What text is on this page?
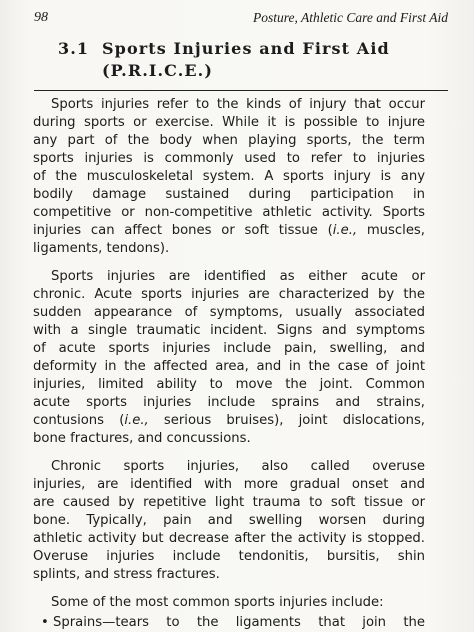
98	Posture, Athletic Care and First Aid
3.1 Sports Injuries and First Aid
(P.R.I.C.E.)
Sports injuries refer to the kinds of injury that occur
during sports or exercise. While it is possible to injure
any part of the body when playing sports, the term
sports injuries is commonly used to refer to injuries
of the musculoskeletal system. A sports injury is any
bodily damage sustained during participation in
competitive or non-competitive athletic activity. Sports
injuries can affect bones or soft tissue (i.e., muscles,
ligaments, tendons).
Sports injuries are identified as either acute or
chronic. Acute sports injuries are characterized by the
sudden appearance of symptoms, usually associated
with a single traumatic incident. Signs and symptoms
of acute sports injuries include pain, swelling, and
deformity in the affected area, and in the case of joint
injuries, limited ability to move the joint. Common
acute sports injuries include sprains and strains,
contusions (i.e., serious bruises), joint dislocations,
bone fractures, and concussions.
Chronic sports injuries, also called overuse
injuries, are identified with more gradual onset and
are caused by repetitive light trauma to soft tissue or
bone. Typically, pain and swelling worsen during
athletic activity but decrease after the activity is stopped.
Overuse injuries include tendonitis, bursitis, shin
splints, and stress fractures.
Some of the most common sports injuries include:
• Sprains—tears to the ligaments that join the
